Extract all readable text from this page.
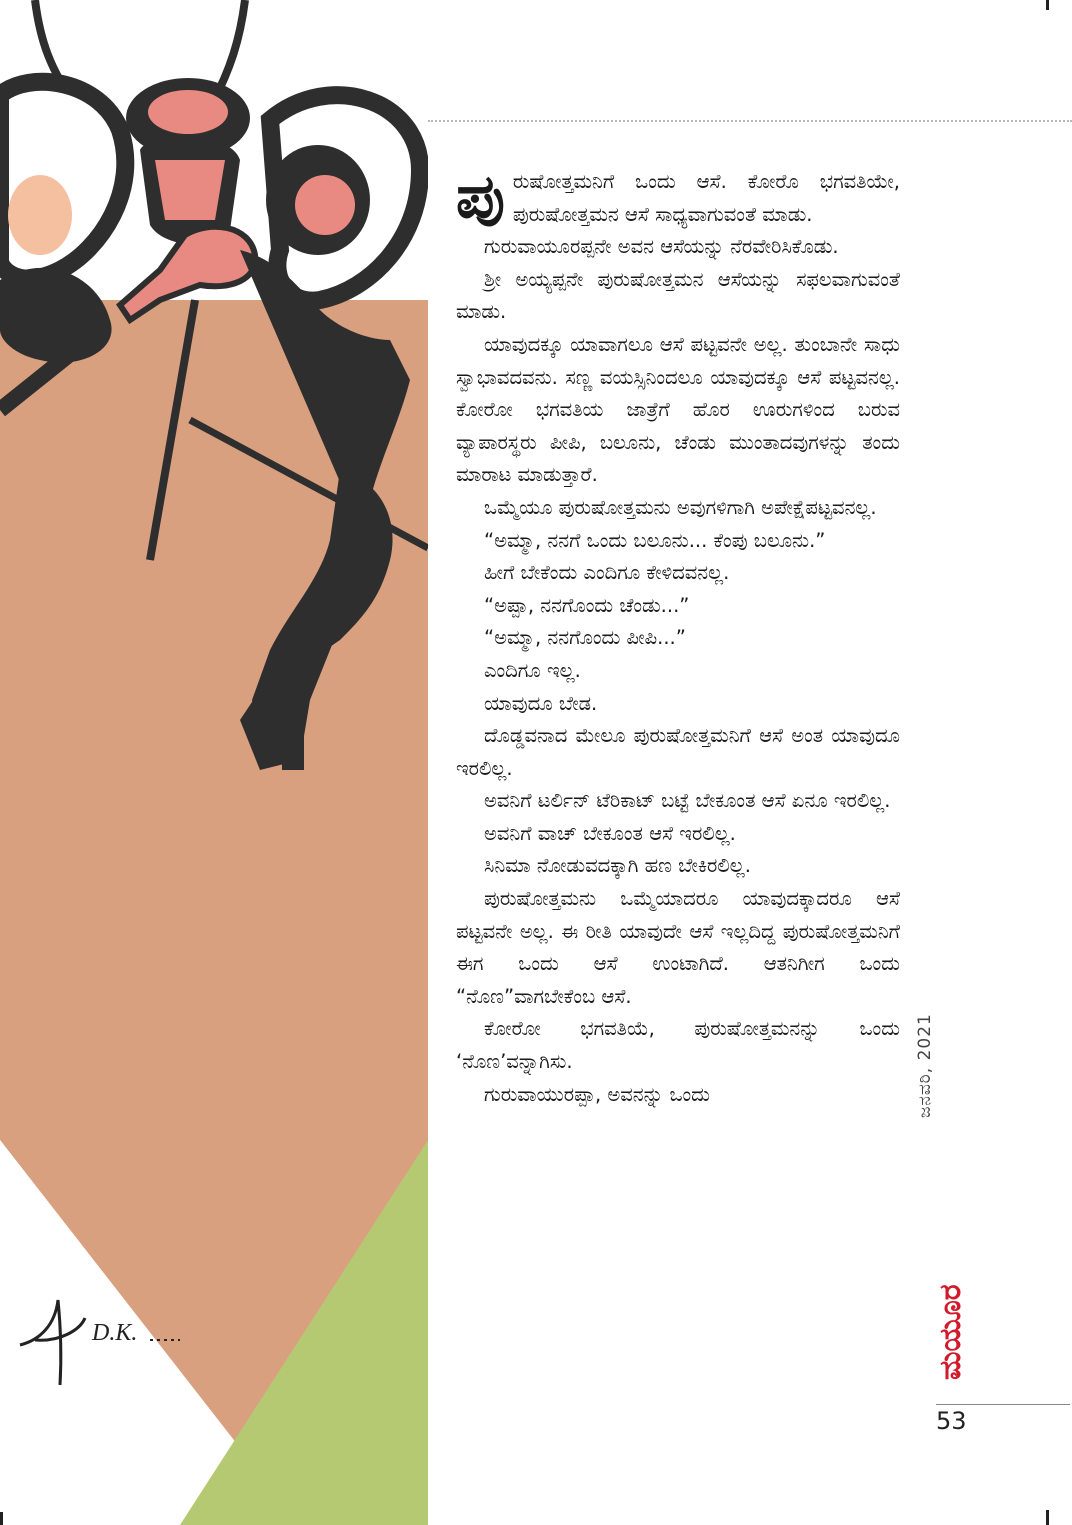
D.K.

ಪುರುಷೋತ್ತಮನಿಗೆ ಒಂದು ಆಸೆ. ಕೋರೊ ಭಗವತಿಯೇ, ಪುರುಷೋತ್ತಮನ ಆಸೆ ಸಾಧ್ಯವಾಗುವಂತೆ ಮಾಡು.

ಗುರುವಾಯೂರಪ್ಪನೇ ಅವನ ಆಸೆಯನ್ನು ನೆರವೇರಿಸಿಕೊಡು.

ಶ್ರೀ ಅಯ್ಯಪ್ಪನೇ ಪುರುಷೋತ್ತಮನ ಆಸೆಯನ್ನು ಸಫಲವಾಗುವಂತೆ ಮಾಡು.

ಯಾವುದಕ್ಕೂ ಯಾವಾಗಲೂ ಆಸೆ ಪಟ್ಟವನೇ ಅಲ್ಲ. ತುಂಬಾನೇ ಸಾಧು ಸ್ವಾಭಾವದವನು. ಸಣ್ಣ ವಯಸ್ಸಿನಿಂದಲೂ ಯಾವುದಕ್ಕೂ ಆಸೆ ಪಟ್ಟವನಲ್ಲ. ಕೋರೋ ಭಗವತಿಯ ಜಾತ್ರೆಗೆ ಹೊರ ಊರುಗಳಿಂದ ಬರುವ ವ್ಯಾಪಾರಸ್ಥರು ಪೀಪಿ, ಬಲೂನು, ಚೆಂಡು ಮುಂತಾದವುಗಳನ್ನು ತಂದು ಮಾರಾಟ ಮಾಡುತ್ತಾರೆ.

ಒಮ್ಮೆಯೂ ಪುರುಷೋತ್ತಮನು ಅವುಗಳಿಗಾಗಿ ಅಪೇಕ್ಷೆಪಟ್ಟವನಲ್ಲ.

“ಅಮ್ಮಾ, ನನಗೆ ಒಂದು ಬಲೂನು... ಕೆಂಪು ಬಲೂನು.”

ಹೀಗೆ ಬೇಕೆಂದು ಎಂದಿಗೂ ಕೇಳಿದವನಲ್ಲ.

“ಅಪ್ಪಾ, ನನಗೊಂದು ಚೆಂಡು...”

“ಅಮ್ಮಾ, ನನಗೊಂದು ಪೀಪಿ...”

ಎಂದಿಗೂ ಇಲ್ಲ.

ಯಾವುದೂ ಬೇಡ.

ದೊಡ್ಡವನಾದ ಮೇಲೂ ಪುರುಷೋತ್ತಮನಿಗೆ ಆಸೆ ಅಂತ ಯಾವುದೂ ಇರಲಿಲ್ಲ.

ಅವನಿಗೆ ಟರ್ಲಿನ್ ಟೆರಿಕಾಟ್ ಬಟ್ಟೆ ಬೇಕೂಂತ ಆಸೆ ಏನೂ ಇರಲಿಲ್ಲ.

ಅವನಿಗೆ ವಾಚ್ ಬೇಕೂಂತ ಆಸೆ ಇರಲಿಲ್ಲ.

ಸಿನಿಮಾ ನೋಡುವದಕ್ಕಾಗಿ ಹಣ ಬೇಕಿರಲಿಲ್ಲ.

ಪುರುಷೋತ್ತಮನು ಒಮ್ಮೆಯಾದರೂ ಯಾವುದಕ್ಕಾದರೂ ಆಸೆ ಪಟ್ಟವನೇ ಅಲ್ಲ. ಈ ರೀತಿ ಯಾವುದೇ ಆಸೆ ಇಲ್ಲದಿದ್ದ ಪುರುಷೋತ್ತಮನಿಗೆ ಈಗ ಒಂದು ಆಸೆ ಉಂಟಾಗಿದೆ. ಆತನಿಗೀಗ ಒಂದು “ನೊಣ”ವಾಗಬೇಕೆಂಬ ಆಸೆ.

ಕೋರೋ ಭಗವತಿಯೆ, ಪುರುಷೋತ್ತಮನನ್ನು ಒಂದು ‘ನೊಣ’ವನ್ನಾಗಿಸು.

ಗುರುವಾಯುರಪ್ಪಾ, ಅವನನ್ನು ಒಂದು	ಜನವರಿ, 2021
ಮಯೂರ
53
